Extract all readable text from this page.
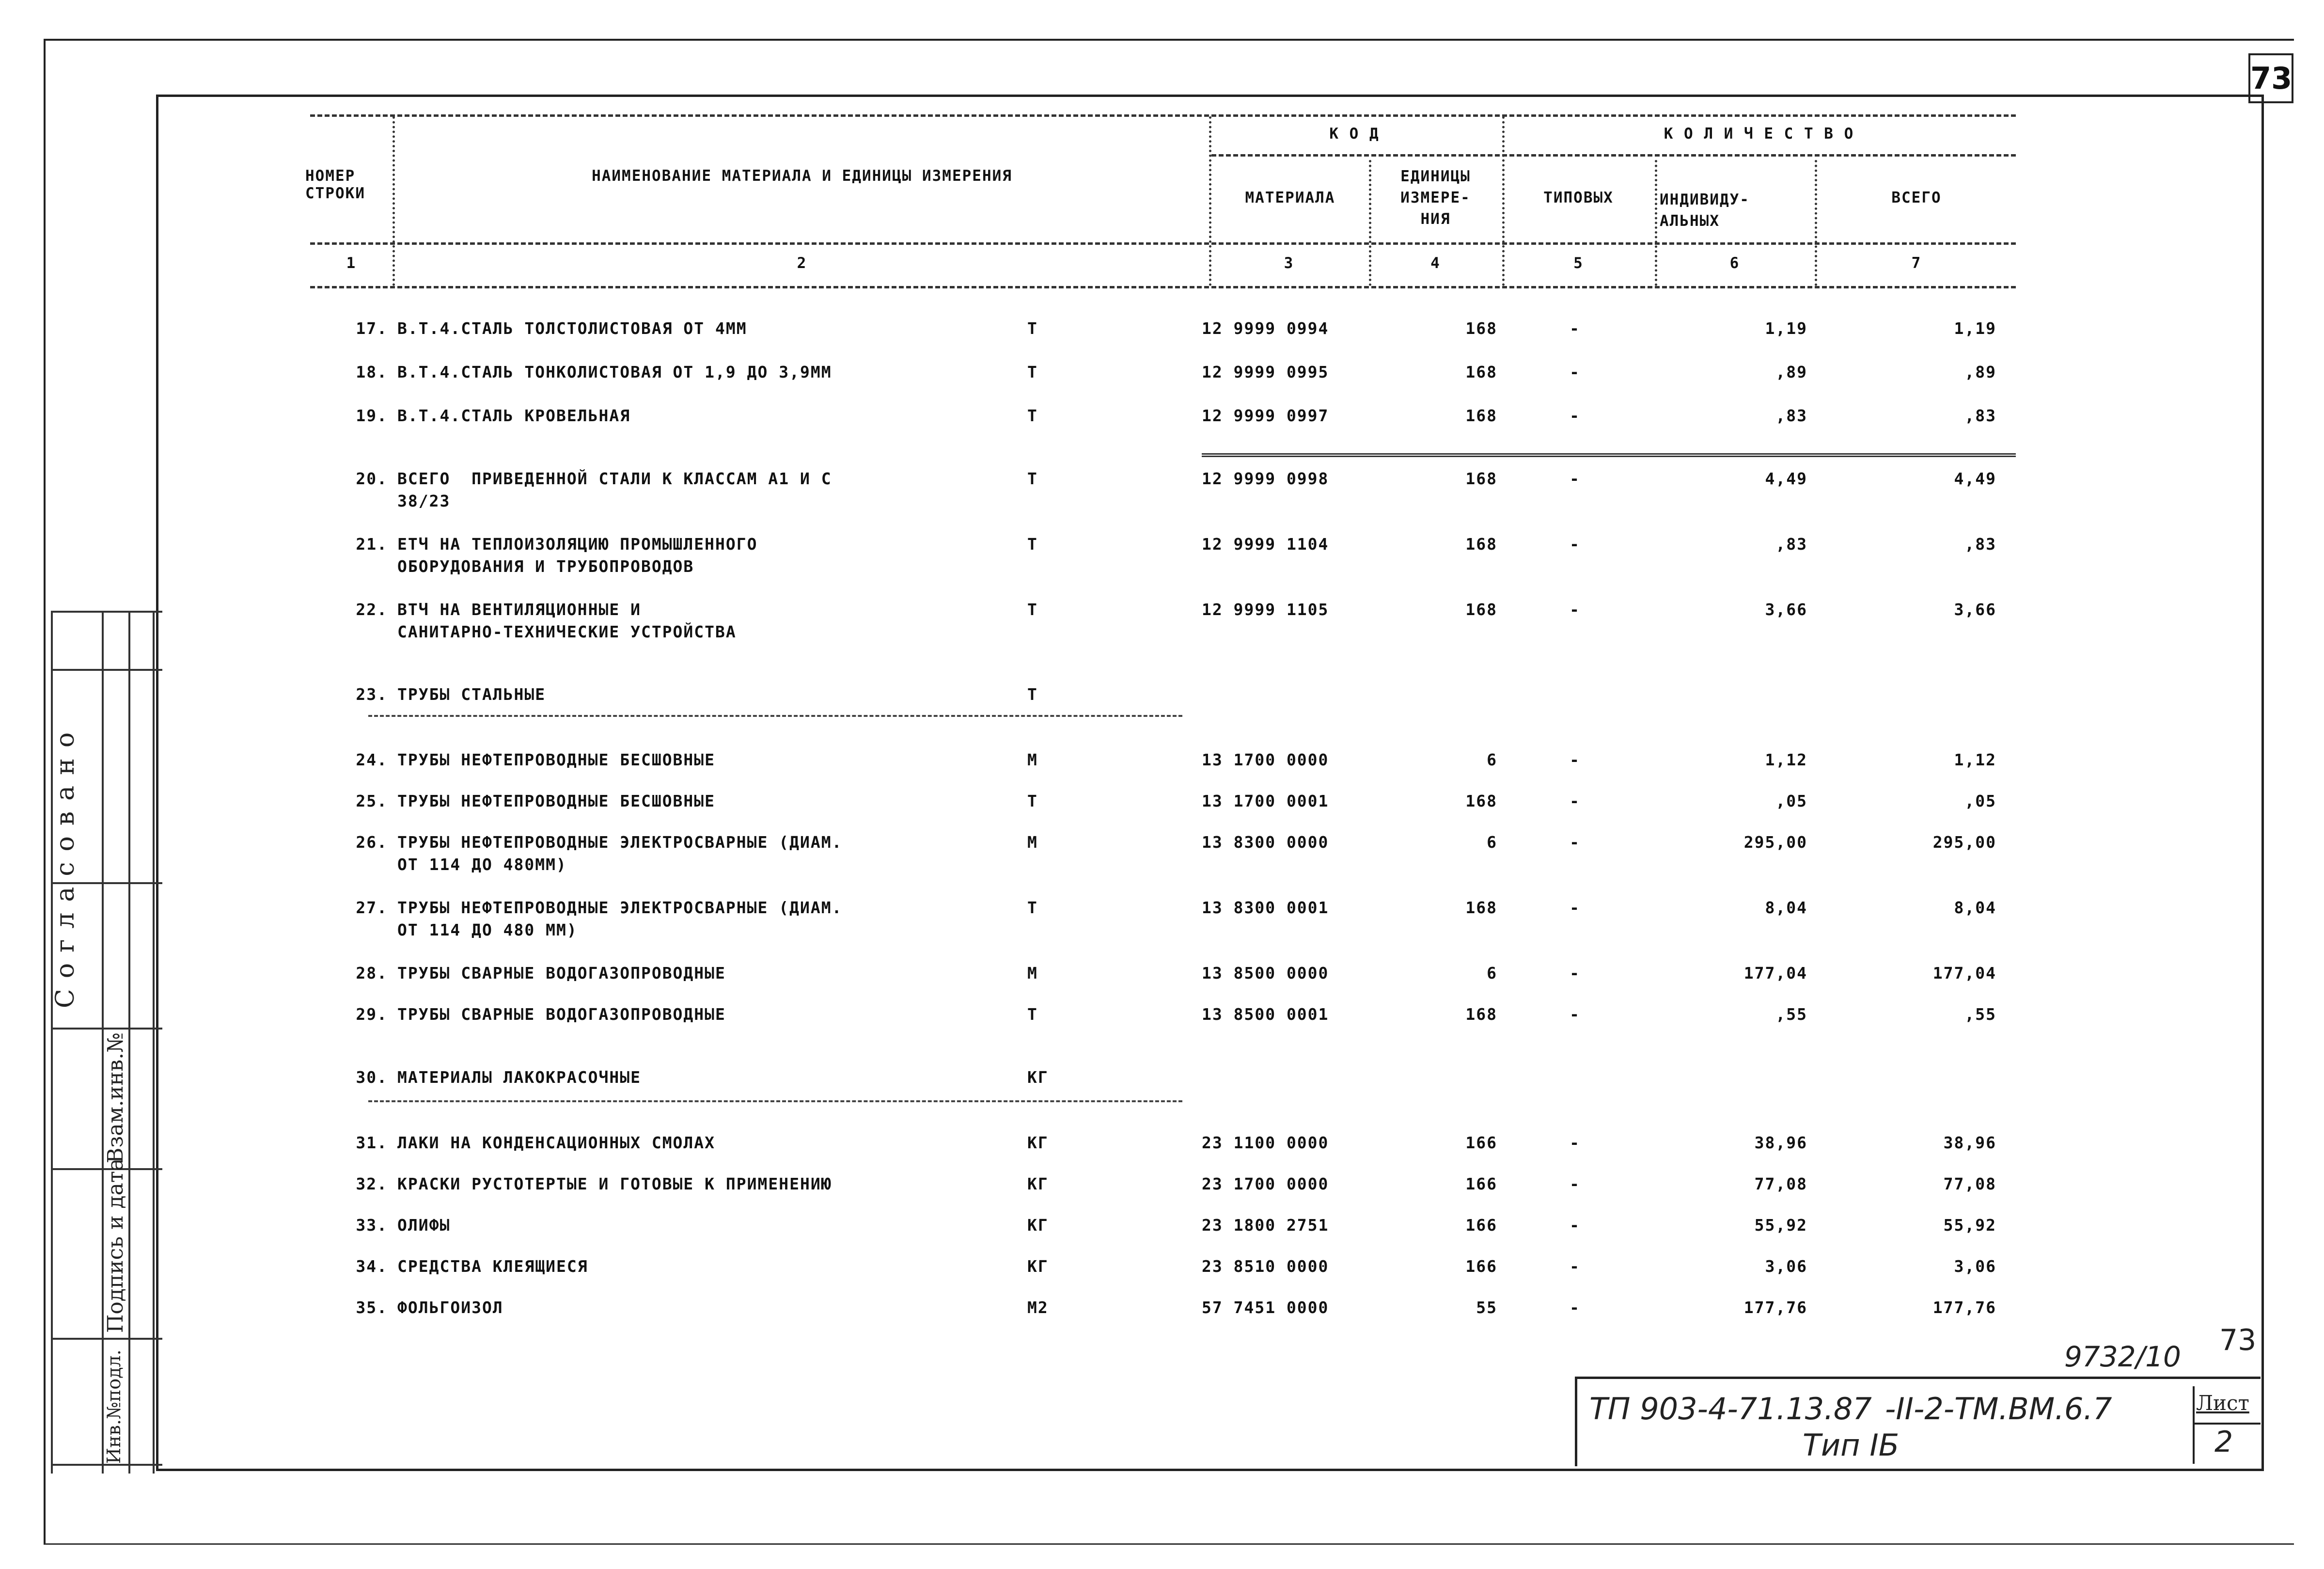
73
НОМЕР
СТРОКИ
НАИМЕНОВАНИЕ МАТЕРИАЛА И ЕДИНИЦЫ ИЗМЕРЕНИЯ
К О Д	К О Л И Ч Е С Т В О
МАТЕРИАЛА
ЕДИНИЦЫ
ИЗМЕРЕ-
НИЯ
ТИПОВЫХ	ИНДИВИДУ-
АЛЬНЫХ
ВСЕГО
1	2	3	4	5	6	7
17. В.Т.4.СТАЛЬ ТОЛСТОЛИСТОВАЯ ОТ 4ММ	Т	12 9999 0994	168	-	1,19	1,19
18. В.Т.4.СТАЛЬ ТОНКОЛИСТОВАЯ ОТ 1,9 ДО 3,9ММ	Т	12 9999 0995	168	-	,89	,89
19. В.Т.4.СТАЛЬ КРОВЕЛЬНАЯ	Т	12 9999 0997	168	-	,83	,83
20. ВСЕГО  ПРИВЕДЕННОЙ СТАЛИ К КЛАССАМ А1 И С
38/23
Т	12 9999 0998	168	-	4,49	4,49
21. ЕТЧ НА ТЕПЛОИЗОЛЯЦИЮ ПРОМЫШЛЕННОГО
ОБОРУДОВАНИЯ И ТРУБОПРОВОДОВ
Т	12 9999 1104	168	-	,83	,83
22. ВТЧ НА ВЕНТИЛЯЦИОННЫЕ И
САНИТАРНО-ТЕХНИЧЕСКИЕ УСТРОЙСТВА
Т	12 9999 1105	168	-	3,66	3,66
23. ТРУБЫ СТАЛЬНЫЕ	Т
24. ТРУБЫ НЕФТЕПРОВОДНЫЕ БЕСШОВНЫЕ	М	13 1700 0000	6	-	1,12	1,12
25. ТРУБЫ НЕФТЕПРОВОДНЫЕ БЕСШОВНЫЕ	Т	13 1700 0001	168	-	,05	,05
26. ТРУБЫ НЕФТЕПРОВОДНЫЕ ЭЛЕКТРОСВАРНЫЕ (ДИАМ.
ОТ 114 ДО 480ММ)
М	13 8300 0000	6	-	295,00	295,00
27. ТРУБЫ НЕФТЕПРОВОДНЫЕ ЭЛЕКТРОСВАРНЫЕ (ДИАМ.
ОТ 114 ДО 480 ММ)
Т	13 8300 0001	168	-	8,04	8,04
28. ТРУБЫ СВАРНЫЕ ВОДОГАЗОПРОВОДНЫЕ	М	13 8500 0000	6	-	177,04	177,04
29. ТРУБЫ СВАРНЫЕ ВОДОГАЗОПРОВОДНЫЕ	Т	13 8500 0001	168	-	,55	,55
30. МАТЕРИАЛЫ ЛАКОКРАСОЧНЫЕ	КГ
31. ЛАКИ НА КОНДЕНСАЦИОННЫХ СМОЛАХ	КГ	23 1100 0000	166	-	38,96	38,96
32. КРАСКИ РУСТОТЕРТЫЕ И ГОТОВЫЕ К ПРИМЕНЕНИЮ	КГ	23 1700 0000	166	-	77,08	77,08
33. ОЛИФЫ	КГ	23 1800 2751	166	-	55,92	55,92
34. СРЕДСТВА КЛЕЯЩИЕСЯ	КГ	23 8510 0000	166	-	3,06	3,06
35. ФОЛЬГОИЗОЛ	М2	57 7451 0000	55	-	177,76	177,76
Согласовано
Взам.инв.№
Подпись и дата
Инв.№подл.	ТП 903-4-71.13.87 -II-2-ТМ.ВМ.6.7
Тип IБ
Лист
2
9732/10 73
